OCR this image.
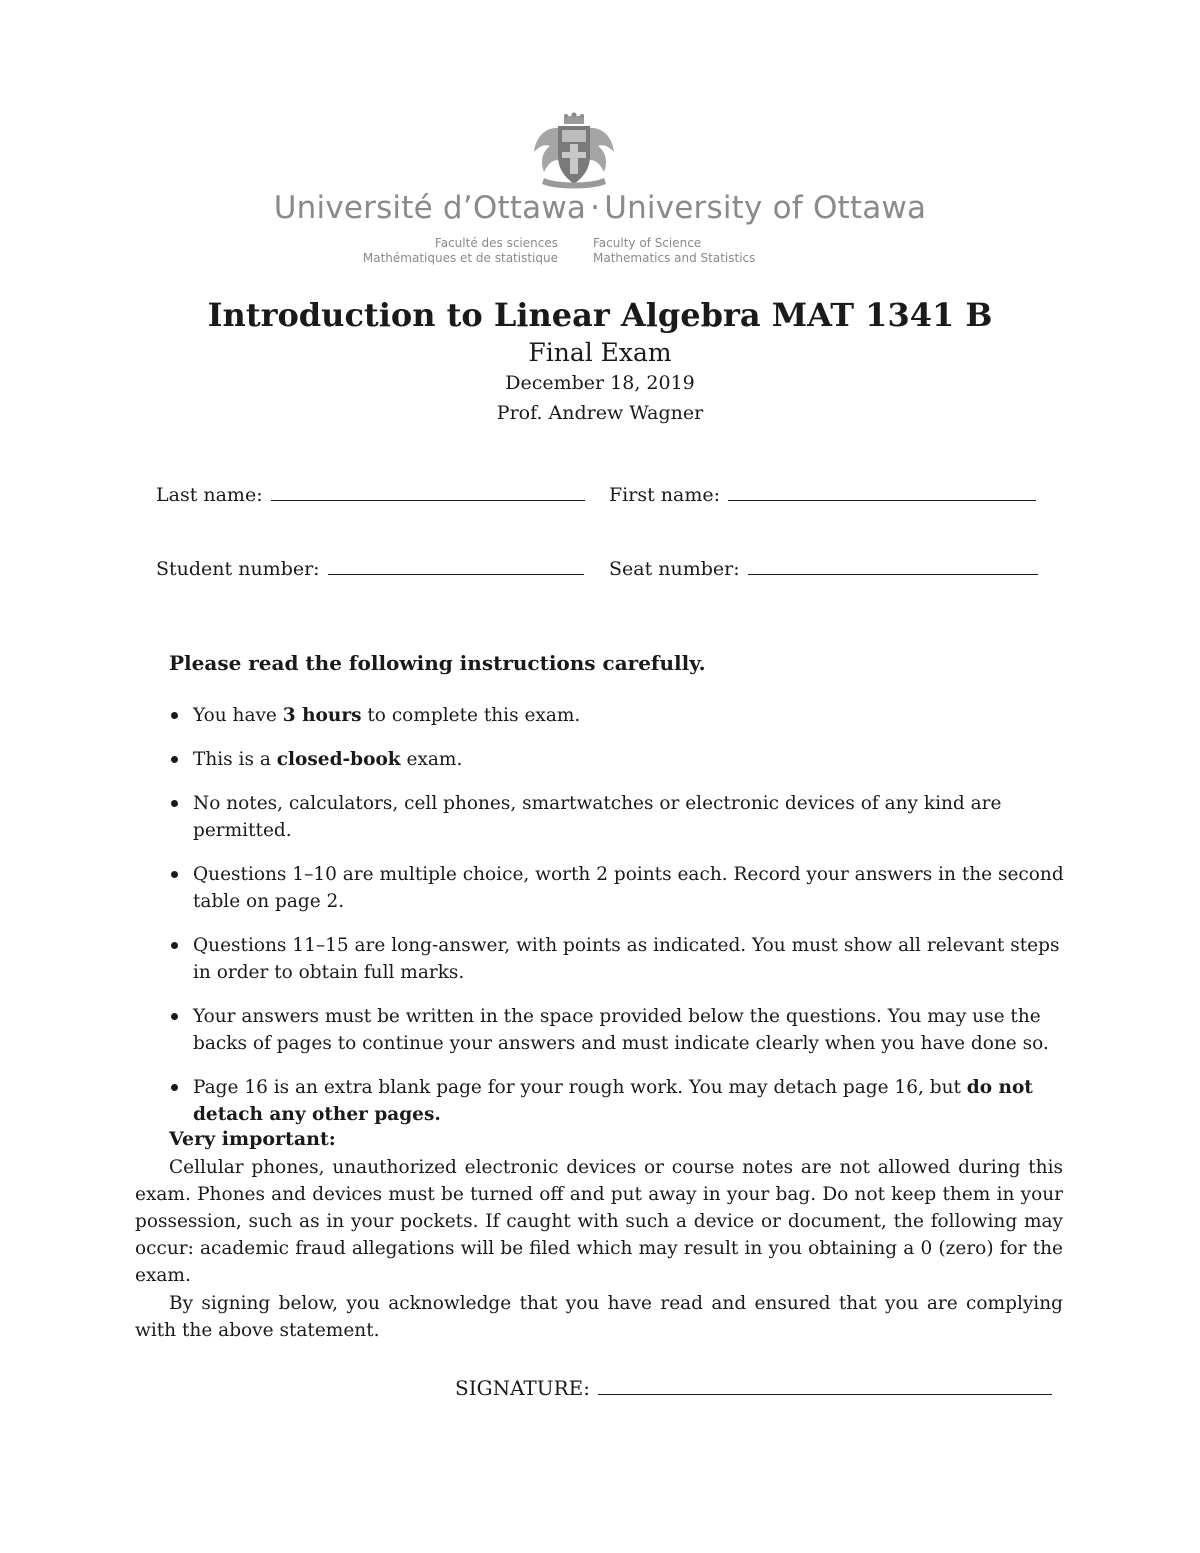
Université d’Ottawa · University of Ottawa
Faculté des sciences
Mathématiques et de statistique
Faculty of Science
Mathematics and Statistics
Introduction to Linear Algebra MAT 1341 B
Final Exam
December 18, 2019
Prof. Andrew Wagner
Last name:	First name:
Student number:	Seat number:
Please read the following instructions carefully.
You have 3 hours to complete this exam.
This is a closed-book exam.
No notes, calculators, cell phones, smartwatches or electronic devices of any kind are permitted.
Questions 1–10 are multiple choice, worth 2 points each. Record your answers in the second table on page 2.
Questions 11–15 are long-answer, with points as indicated. You must show all relevant steps in order to obtain full marks.
Your answers must be written in the space provided below the questions. You may use the backs of pages to continue your answers and must indicate clearly when you have done so.
Page 16 is an extra blank page for your rough work. You may detach page 16, but do not detach any other pages.
Very important:
Cellular phones, unauthorized electronic devices or course notes are not allowed during this exam. Phones and devices must be turned off and put away in your bag. Do not keep them in your possession, such as in your pockets. If caught with such a device or document, the following may occur: academic fraud allegations will be filed which may result in you obtaining a 0 (zero) for the exam.
By signing below, you acknowledge that you have read and ensured that you are complying with the above statement.
SIGNATURE:
